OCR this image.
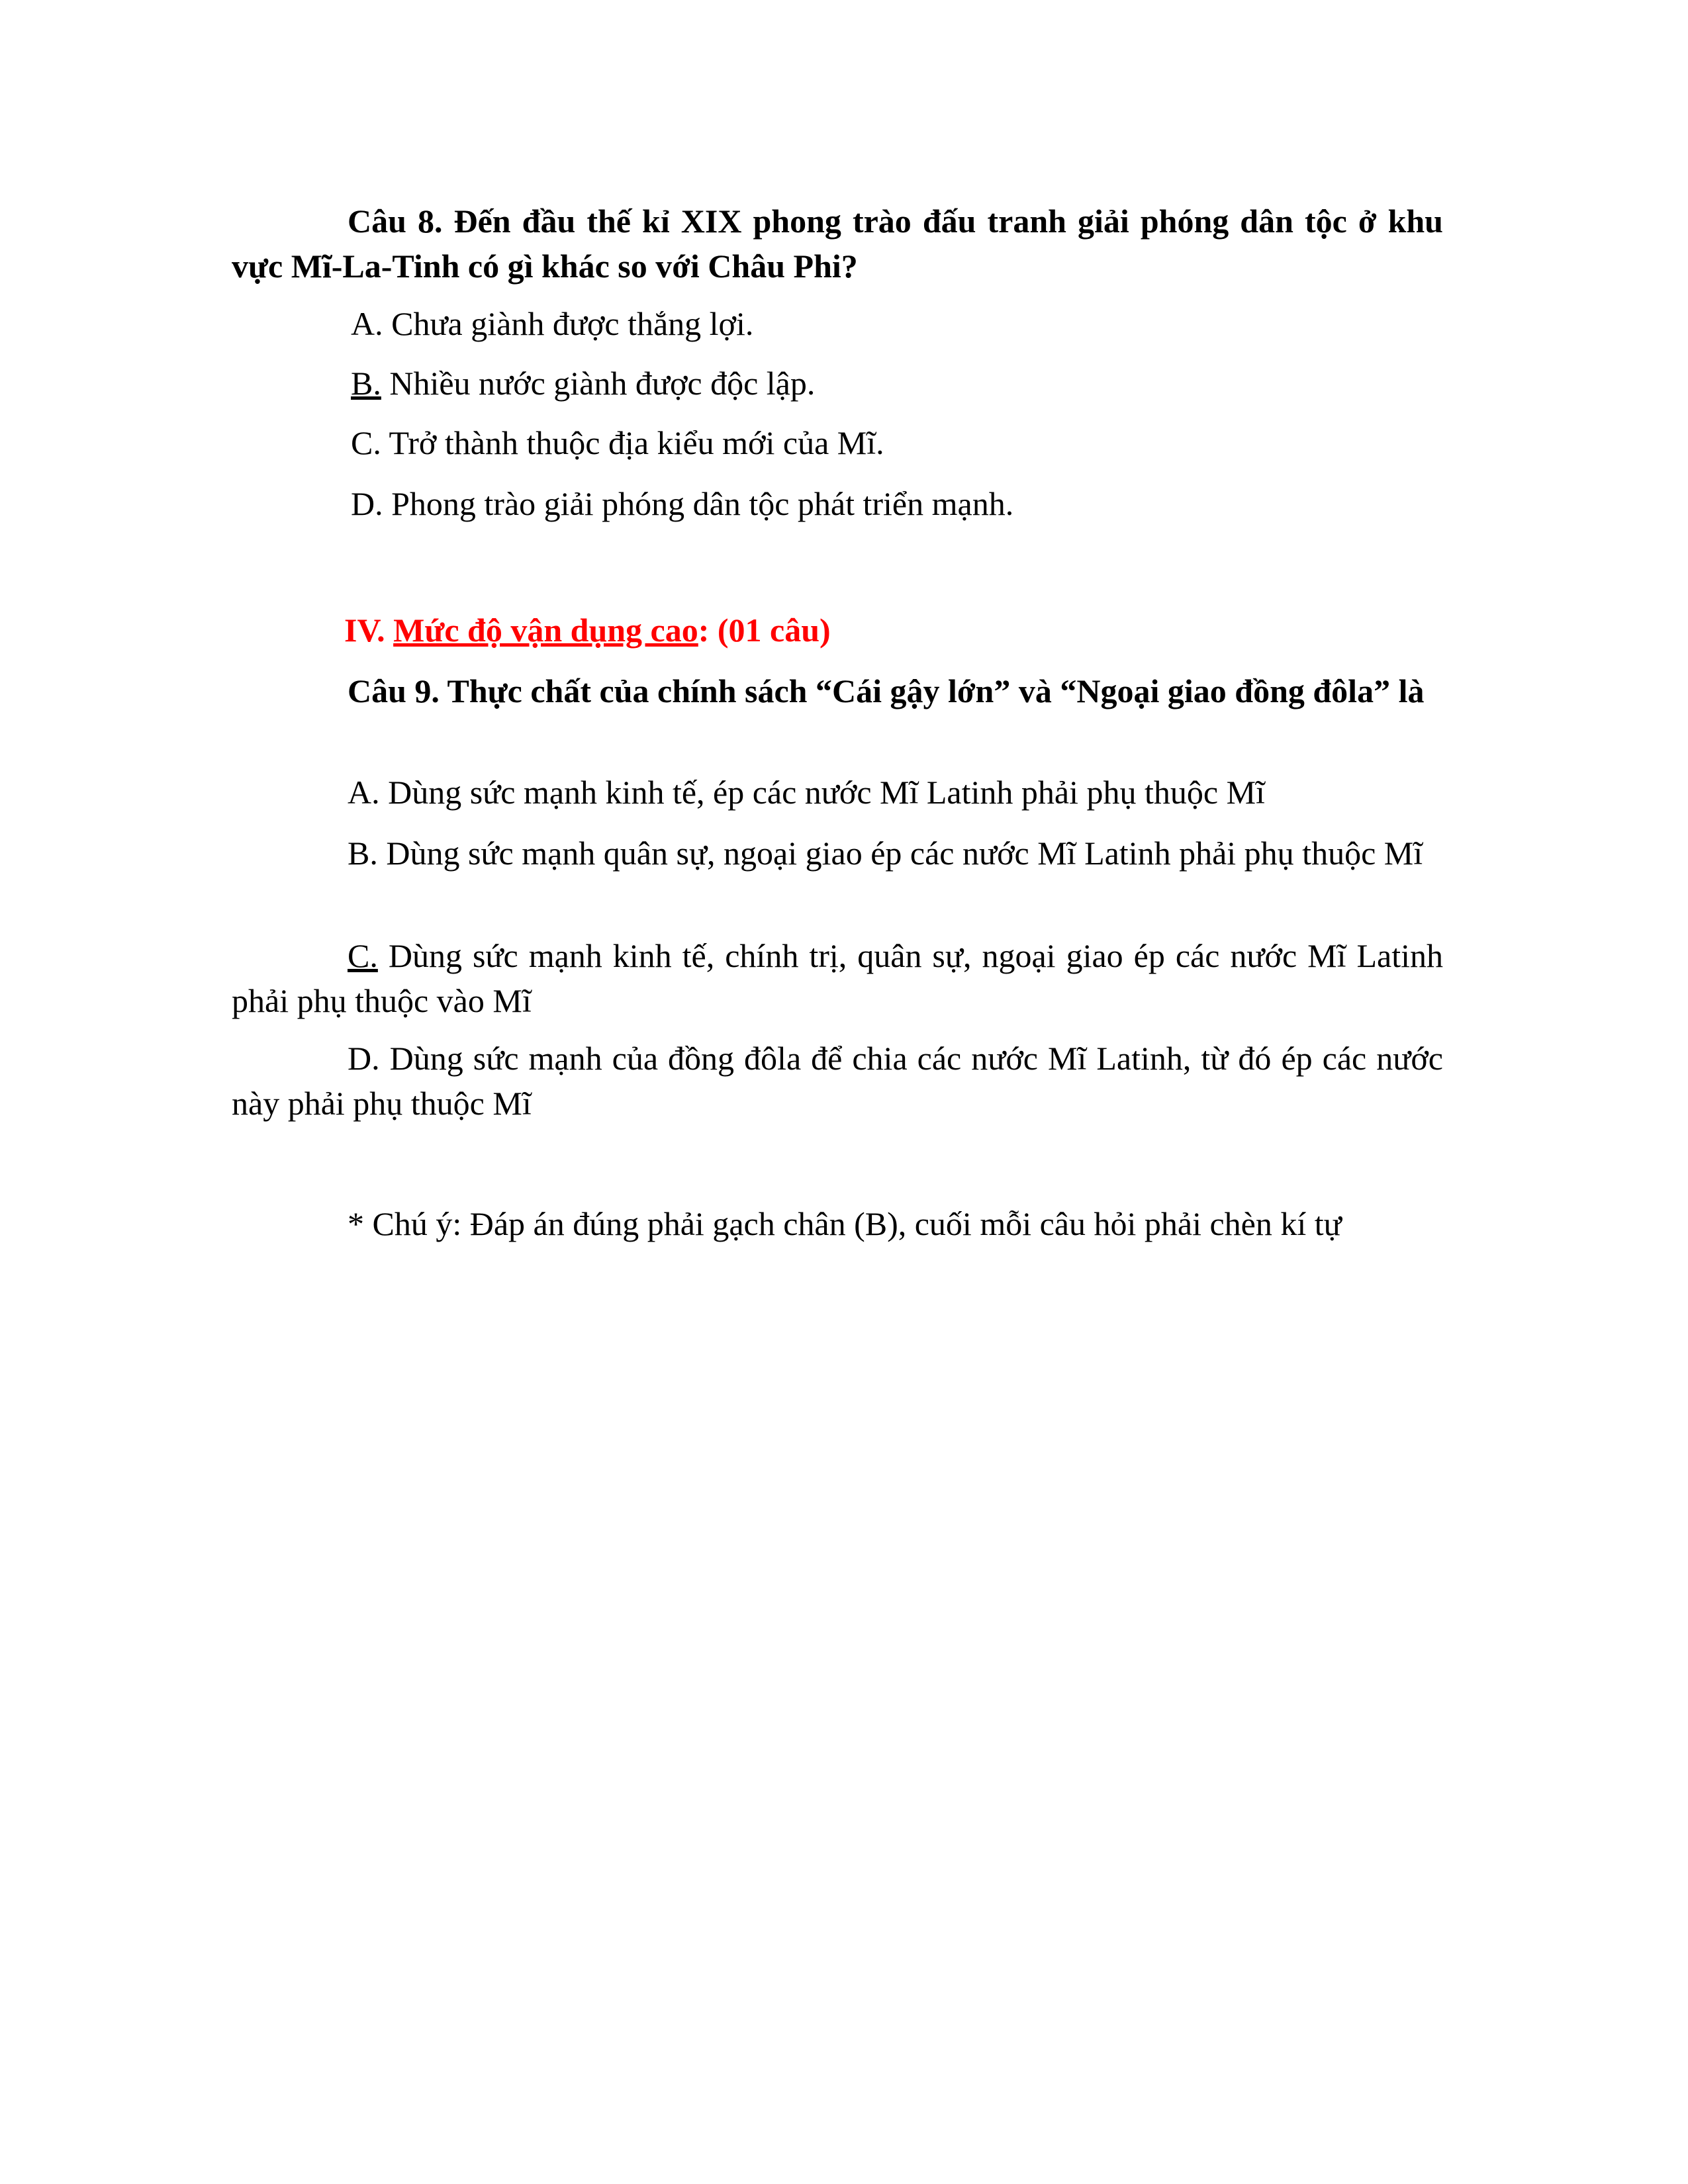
Câu 8. Đến đầu thế kỉ XIX phong trào đấu tranh giải phóng dân tộc ở khu vực Mĩ-La-Tinh có gì khác so với Châu Phi?

A. Chưa giành được thắng lợi.

B. Nhiều nước giành được độc lập.

C. Trở thành thuộc địa kiểu mới của Mĩ.

D. Phong trào giải phóng dân tộc phát triển mạnh.

IV. Mức độ vận dụng cao: (01 câu)

Câu 9. Thực chất của chính sách “Cái gậy lớn” và “Ngoại giao đồng đôla” là

A. Dùng sức mạnh kinh tế, ép các nước Mĩ Latinh phải phụ thuộc Mĩ

B. Dùng sức mạnh quân sự, ngoại giao ép các nước Mĩ Latinh phải phụ thuộc Mĩ

C. Dùng sức mạnh kinh tế, chính trị, quân sự, ngoại giao ép các nước Mĩ Latinh phải phụ thuộc vào Mĩ

D. Dùng sức mạnh của đồng đôla để chia các nước Mĩ Latinh, từ đó ép các nước này phải phụ thuộc Mĩ

* Chú ý: Đáp án đúng phải gạch chân (B), cuối mỗi câu hỏi phải chèn kí tự
